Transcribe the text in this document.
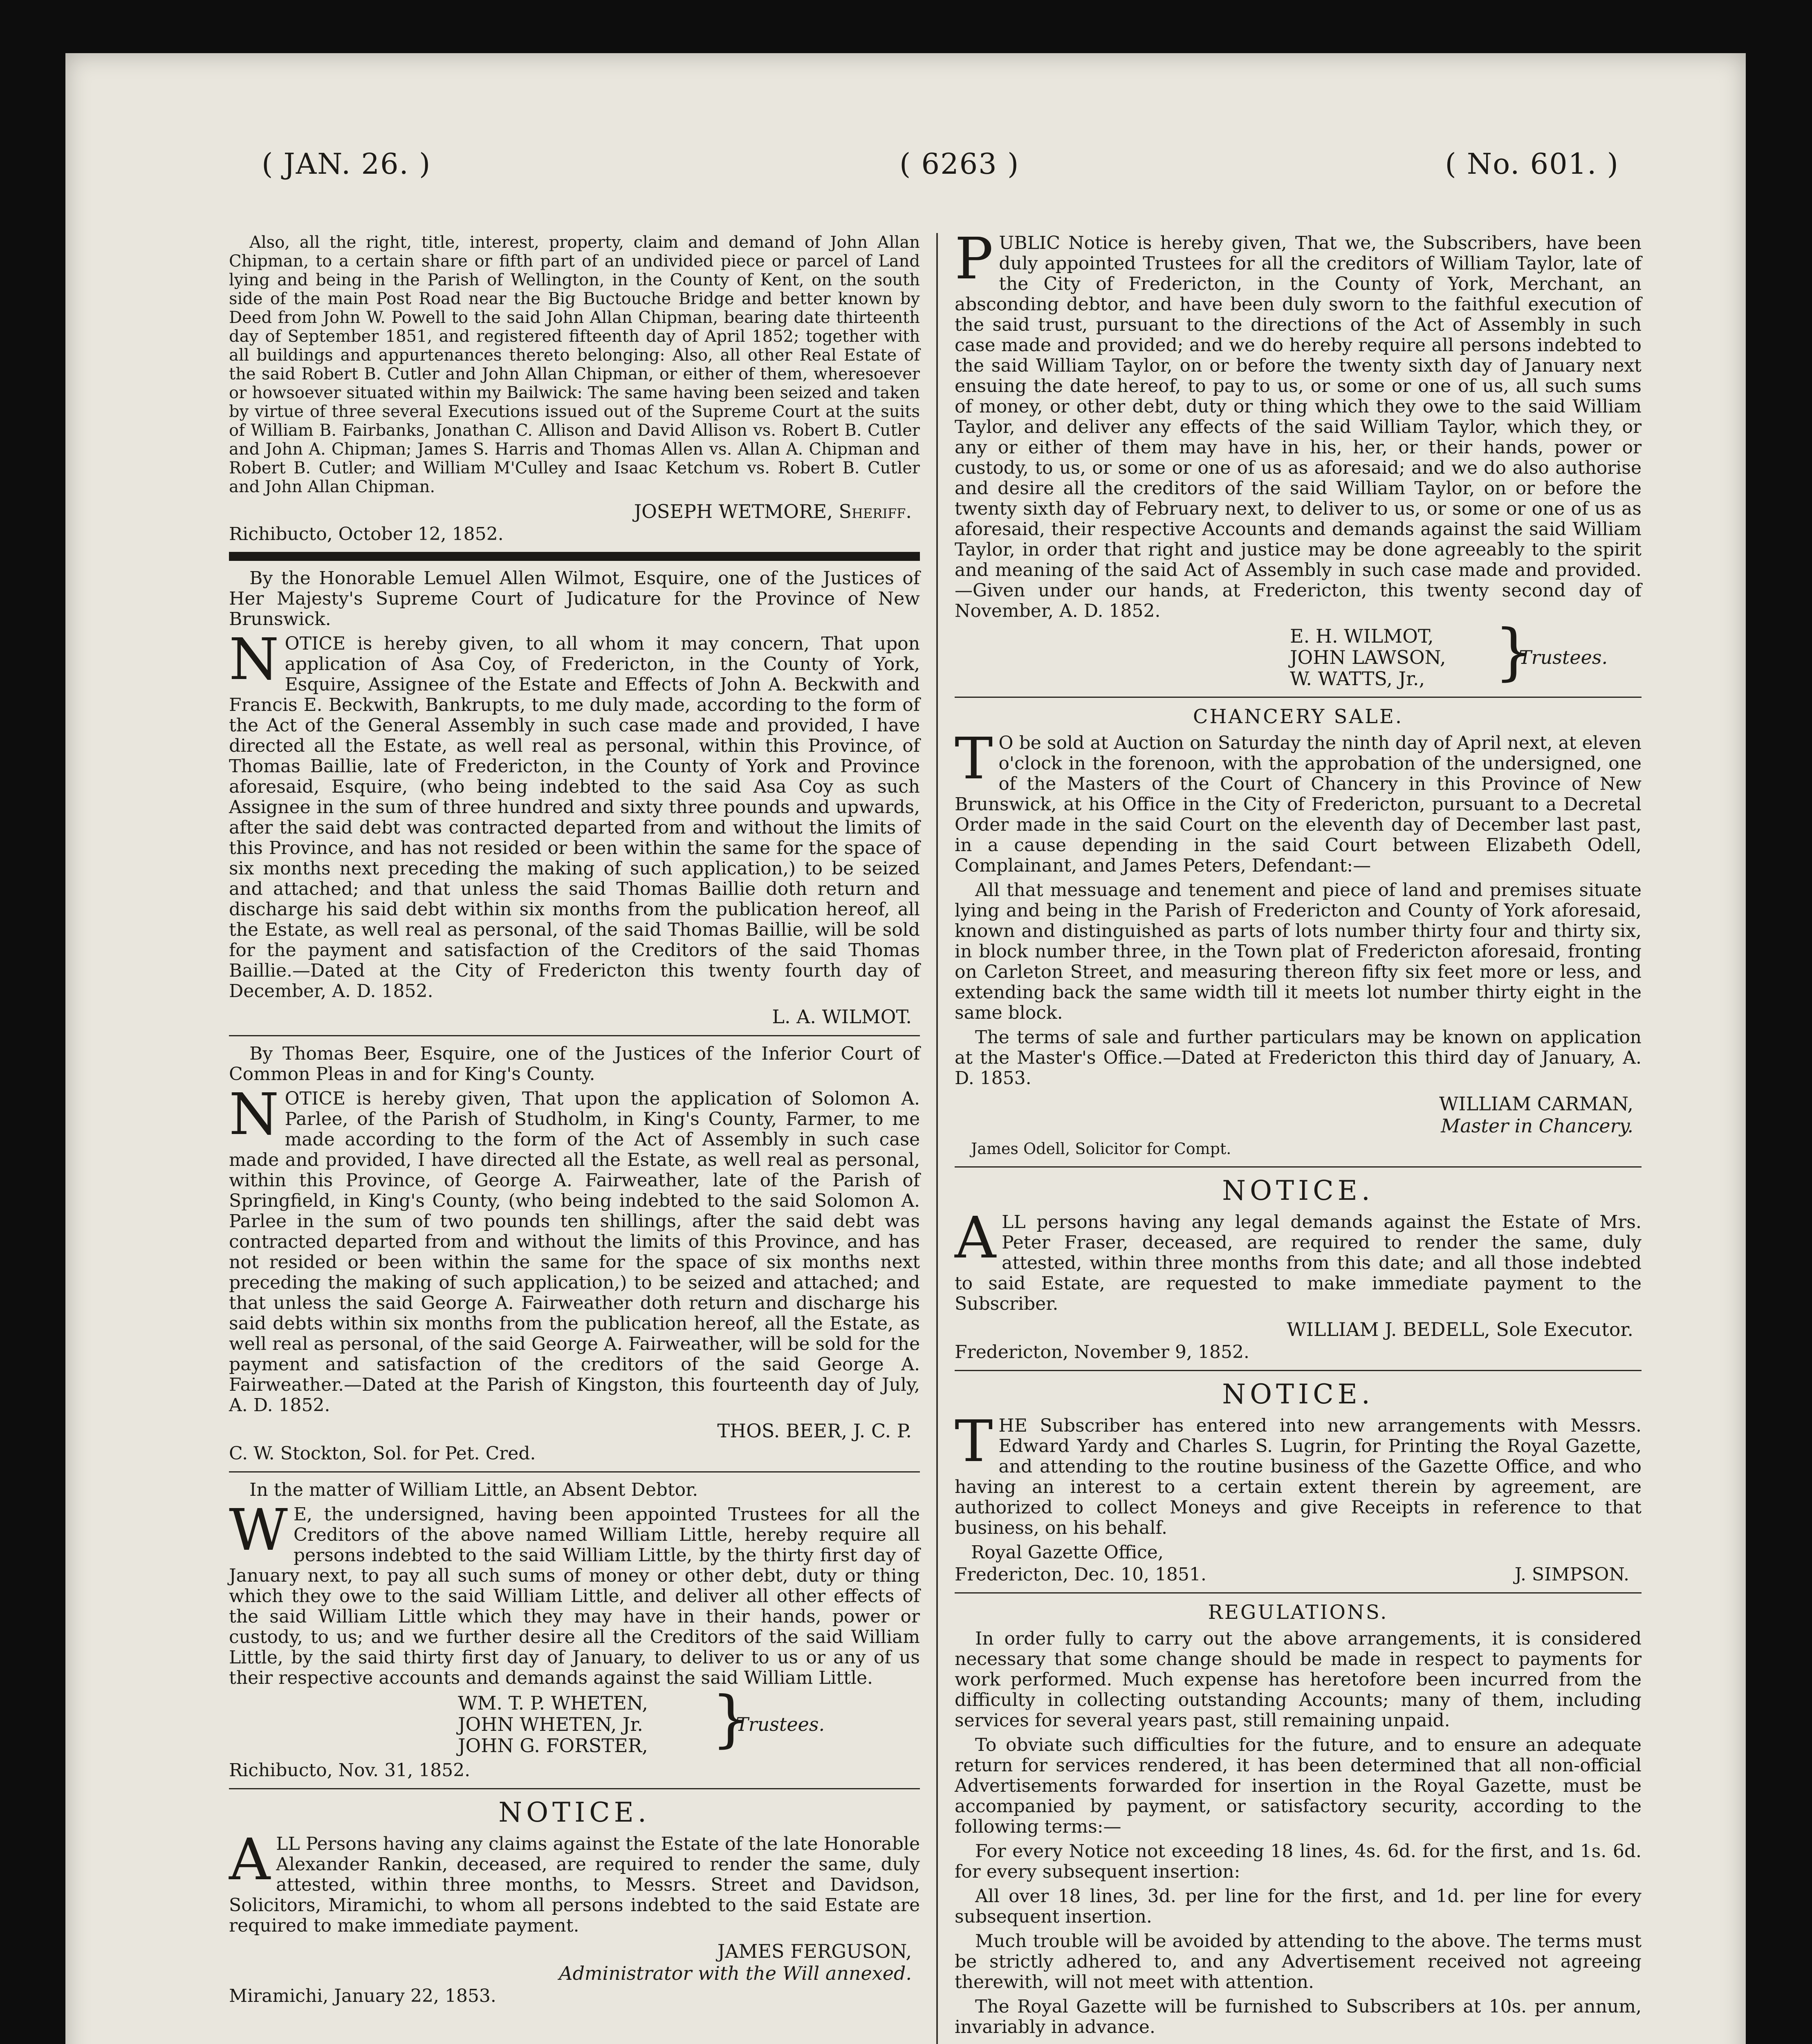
( JAN. 26. )	( 6263 )	( No. 601. )

Also, all the right, title, interest, property, claim and demand of John Allan Chipman, to a certain share or fifth part of an undivided piece or parcel of Land lying and being in the Parish of Wellington, in the County of Kent, on the south side of the main Post Road near the Big Buctouche Bridge and better known by Deed from John W. Powell to the said John Allan Chipman, bearing date thirteenth day of September 1851, and registered fifteenth day of April 1852; together with all buildings and appurtenances thereto belonging: Also, all other Real Estate of the said Robert B. Cutler and John Allan Chipman, or either of them, wheresoever or howsoever situated within my Bailwick: The same having been seized and taken by virtue of three several Executions issued out of the Supreme Court at the suits of William B. Fairbanks, Jonathan C. Allison and David Allison vs. Robert B. Cutler and John A. Chipman; James S. Harris and Thomas Allen vs. Allan A. Chipman and Robert B. Cutler; and William M'Culley and Isaac Ketchum vs. Robert B. Cutler and John Allan Chipman.

JOSEPH WETMORE, Sheriff.
Richibucto, October 12, 1852.

By the Honorable Lemuel Allen Wilmot, Esquire, one of the Justices of Her Majesty's Supreme Court of Judicature for the Province of New Brunswick.

NOTICE is hereby given, to all whom it may concern, That upon application of Asa Coy, of Fredericton, in the County of York, Esquire, Assignee of the Estate and Effects of John A. Beckwith and Francis E. Beckwith, Bankrupts, to me duly made, according to the form of the Act of the General Assembly in such case made and provided, I have directed all the Estate, as well real as personal, within this Province, of Thomas Baillie, late of Fredericton, in the County of York and Province aforesaid, Esquire, (who being indebted to the said Asa Coy as such Assignee in the sum of three hundred and sixty three pounds and upwards, after the said debt was contracted departed from and without the limits of this Province, and has not resided or been within the same for the space of six months next preceding the making of such application,) to be seized and attached; and that unless the said Thomas Baillie doth return and discharge his said debt within six months from the publication hereof, all the Estate, as well real as personal, of the said Thomas Baillie, will be sold for the payment and satisfaction of the Creditors of the said Thomas Baillie.—Dated at the City of Fredericton this twenty fourth day of December, A. D. 1852.

L. A. WILMOT.

By Thomas Beer, Esquire, one of the Justices of the Inferior Court of Common Pleas in and for King's County.

NOTICE is hereby given, That upon the application of Solomon A. Parlee, of the Parish of Studholm, in King's County, Farmer, to me made according to the form of the Act of Assembly in such case made and provided, I have directed all the Estate, as well real as personal, within this Province, of George A. Fairweather, late of the Parish of Springfield, in King's County, (who being indebted to the said Solomon A. Parlee in the sum of two pounds ten shillings, after the said debt was contracted departed from and without the limits of this Province, and has not resided or been within the same for the space of six months next preceding the making of such application,) to be seized and attached; and that unless the said George A. Fairweather doth return and discharge his said debts within six months from the publication hereof, all the Estate, as well real as personal, of the said George A. Fairweather, will be sold for the payment and satisfaction of the creditors of the said George A. Fairweather.—Dated at the Parish of Kingston, this fourteenth day of July, A. D. 1852.

THOS. BEER, J. C. P.
C. W. Stockton, Sol. for Pet. Cred.

In the matter of William Little, an Absent Debtor.

W E, the undersigned, having been appointed Trustees for all the Creditors of the above named William Little, hereby require all persons indebted to the said William Little, by the thirty first day of January next, to pay all such sums of money or other debt, duty or thing which they owe to the said William Little, and deliver all other effects of the said William Little which they may have in their hands, power or custody, to us; and we further desire all the Creditors of the said William Little, by the said thirty first day of January, to deliver to us or any of us their respective accounts and demands against the said William Little.

WM. T. P. WHETEN,
JOHN WHETEN, Jr.
JOHN G. FORSTER, }
Trustees.
Richibucto, Nov. 31, 1852.
NOTICE.

ALL Persons having any claims against the Estate of the late Honorable Alexander Rankin, deceased, are required to render the same, duly attested, within three months, to Messrs. Street and Davidson, Solicitors, Miramichi, to whom all persons indebted to the said Estate are required to make immediate payment.

JAMES FERGUSON,
Administrator with the Will annexed.
Miramichi, January 22, 1853.

PUBLIC Notice is hereby given, That we, the Subscribers, have been duly appointed Trustees for all the creditors of William Taylor, late of the City of Fredericton, in the County of York, Merchant, an absconding debtor, and have been duly sworn to the faithful execution of the said trust, pursuant to the directions of the Act of Assembly in such case made and provided; and we do hereby require all persons indebted to the said William Taylor, on or before the twenty sixth day of January next ensuing the date hereof, to pay to us, or some or one of us, all such sums of money, or other debt, duty or thing which they owe to the said William Taylor, and deliver any effects of the said William Taylor, which they, or any or either of them may have in his, her, or their hands, power or custody, to us, or some or one of us as aforesaid; and we do also authorise and desire all the creditors of the said William Taylor, on or before the twenty sixth day of February next, to deliver to us, or some or one of us as aforesaid, their respective Accounts and demands against the said William Taylor, in order that right and justice may be done agreeably to the spirit and meaning of the said Act of Assembly in such case made and provided.—Given under our hands, at Fredericton, this twenty second day of November, A. D. 1852.

E. H. WILMOT,
JOHN LAWSON,
W. WATTS, Jr.,	}
Trustees.
CHANCERY SALE.

T O be sold at Auction on Saturday the ninth day of April next, at eleven o'clock in the forenoon, with the approbation of the undersigned, one of the Masters of the Court of Chancery in this Province of New Brunswick, at his Office in the City of Fredericton, pursuant to a Decretal Order made in the said Court on the eleventh day of December last past, in a cause depending in the said Court between Elizabeth Odell, Complainant, and James Peters, Defendant:—

All that messuage and tenement and piece of land and premises situate lying and being in the Parish of Fredericton and County of York aforesaid, known and distinguished as parts of lots number thirty four and thirty six, in block number three, in the Town plat of Fredericton aforesaid, fronting on Carleton Street, and measuring thereon fifty six feet more or less, and extending back the same width till it meets lot number thirty eight in the same block.

The terms of sale and further particulars may be known on application at the Master's Office.—Dated at Fredericton this third day of January, A. D. 1853.

WILLIAM CARMAN,
Master in Chancery.
James Odell, Solicitor for Compt.
NOTICE.

ALL persons having any legal demands against the Estate of Mrs. Peter Fraser, deceased, are required to render the same, duly attested, within three months from this date; and all those indebted to said Estate, are requested to make immediate payment to the Subscriber.

WILLIAM J. BEDELL, Sole Executor.
Fredericton, November 9, 1852.
NOTICE.

THE Subscriber has entered into new arrangements with Messrs. Edward Yardy and Charles S. Lugrin, for Printing the Royal Gazette, and attending to the routine business of the Gazette Office, and who having an interest to a certain extent therein by agreement, are authorized to collect Moneys and give Receipts in reference to that business, on his behalf.

Royal Gazette Office,
Fredericton, Dec. 10, 1851.	J. SIMPSON.
REGULATIONS.

In order fully to carry out the above arrangements, it is considered necessary that some change should be made in respect to payments for work performed. Much expense has heretofore been incurred from the difficulty in collecting outstanding Accounts; many of them, including services for several years past, still remaining unpaid.

To obviate such difficulties for the future, and to ensure an adequate return for services rendered, it has been determined that all non-official Advertisements forwarded for insertion in the Royal Gazette, must be accompanied by payment, or satisfactory security, according to the following terms:—

For every Notice not exceeding 18 lines, 4s. 6d. for the first, and 1s. 6d. for every subsequent insertion:

All over 18 lines, 3d. per line for the first, and 1d. per line for every subsequent insertion.

Much trouble will be avoided by attending to the above. The terms must be strictly adhered to, and any Advertisement received not agreeing therewith, will not meet with attention.

The Royal Gazette will be furnished to Subscribers at 10s. per annum, invariably in advance.
